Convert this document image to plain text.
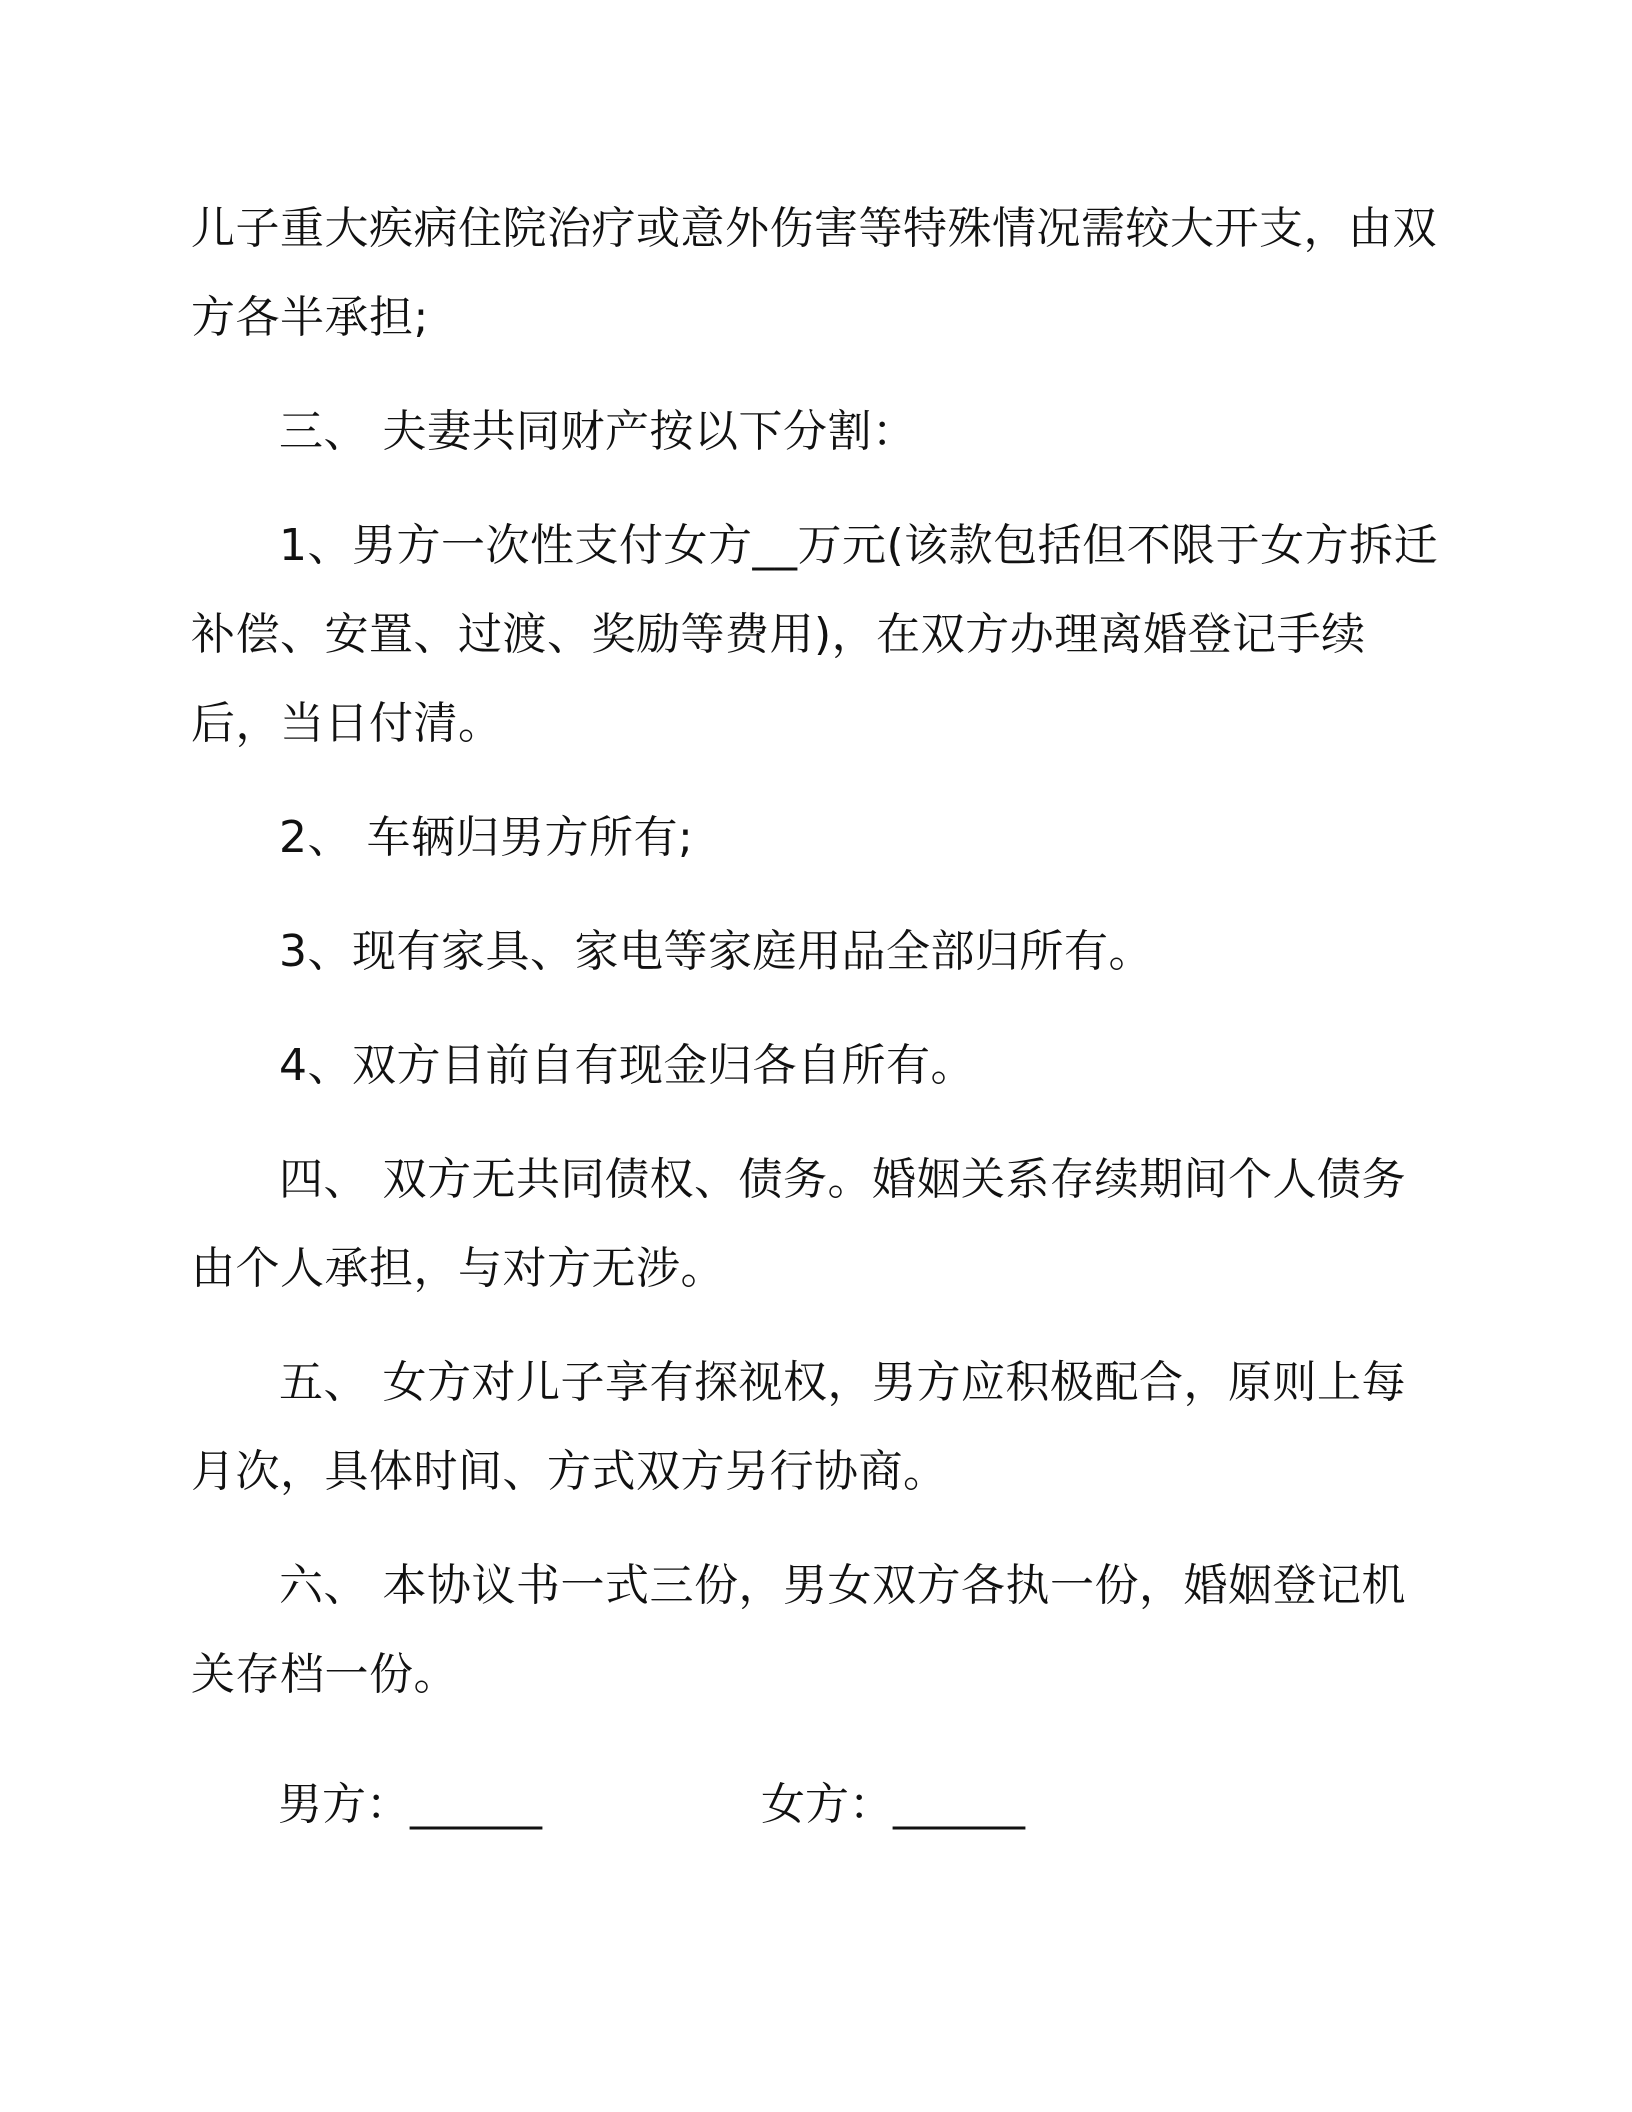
儿子重大疾病住院治疗或意外伤害等特殊情况需较大开支，由双方各半承担;

三、 夫妻共同财产按以下分割：

1、男方一次性支付女方__万元(该款包括但不限于女方拆迁补偿、安置、过渡、奖励等费用)，在双方办理离婚登记手续后，当日付清。

2、 车辆归男方所有;

3、现有家具、家电等家庭用品全部归所有。

4、双方目前自有现金归各自所有。

四、 双方无共同债权、债务。婚姻关系存续期间个人债务由个人承担，与对方无涉。

五、 女方对儿子享有探视权，男方应积极配合，原则上每月次，具体时间、方式双方另行协商。

六、 本协议书一式三份，男女双方各执一份，婚姻登记机关存档一份。

男方：______	女方：______
